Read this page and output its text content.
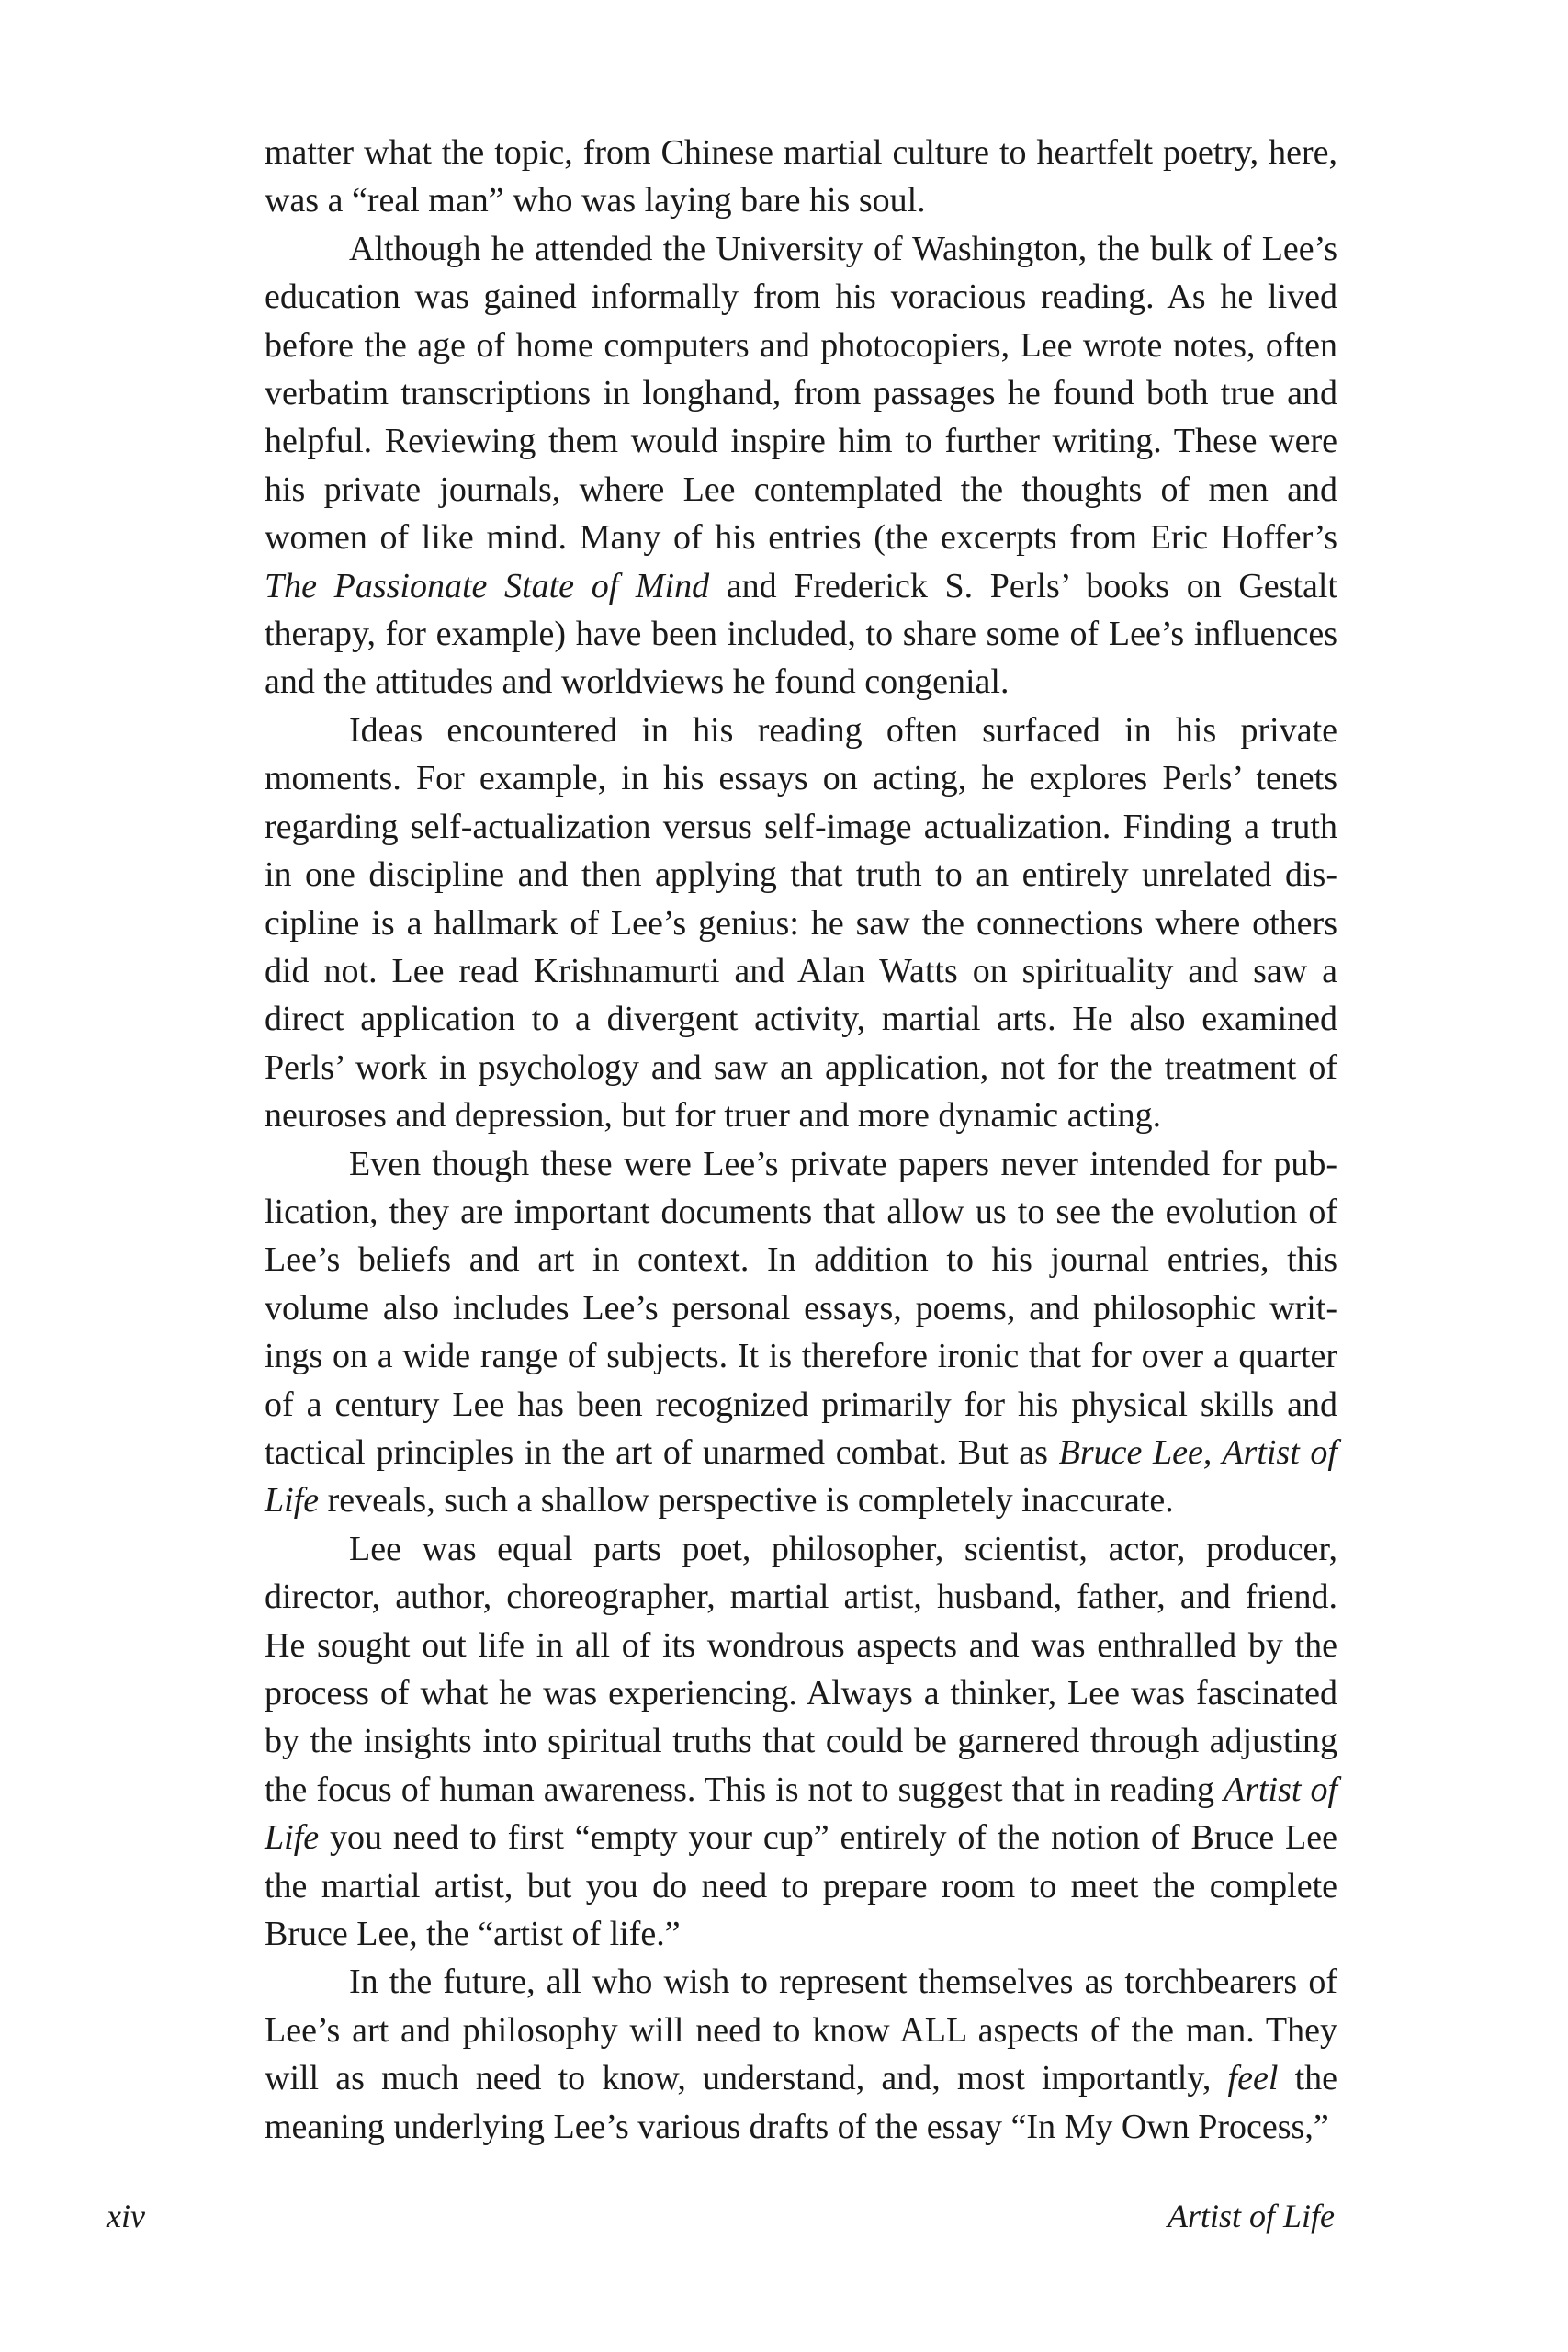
matter what the topic, from Chinese martial culture to heartfelt poetry, here, was a “real man” who was laying bare his soul.

Although he attended the University of Washington, the bulk of Lee’s education was gained informally from his voracious reading. As he lived before the age of home computers and photocopiers, Lee wrote notes, often verbatim transcriptions in longhand, from passages he found both true and helpful. Reviewing them would inspire him to further writing. These were his private journals, where Lee contemplated the thoughts of men and women of like mind. Many of his entries (the excerpts from Eric Hoffer’s The Passionate State of Mind and Frederick S. Perls’ books on Gestalt therapy, for example) have been included, to share some of Lee’s influences and the attitudes and worldviews he found congenial.

Ideas encountered in his reading often surfaced in his private moments. For example, in his essays on acting, he explores Perls’ tenets regarding self-actualization versus self-image actualization. Finding a truth in one discipline and then applying that truth to an entirely unrelated discipline is a hallmark of Lee’s genius: he saw the connections where others did not. Lee read Krishnamurti and Alan Watts on spirituality and saw a direct application to a divergent activity, martial arts. He also examined Perls’ work in psychology and saw an application, not for the treatment of neuroses and depression, but for truer and more dynamic acting.

Even though these were Lee’s private papers never intended for publication, they are important documents that allow us to see the evolution of Lee’s beliefs and art in context. In addition to his journal entries, this volume also includes Lee’s personal essays, poems, and philosophic writings on a wide range of subjects. It is therefore ironic that for over a quarter of a century Lee has been recognized primarily for his physical skills and tactical principles in the art of unarmed combat. But as Bruce Lee, Artist of Life reveals, such a shallow perspective is completely inaccurate.

Lee was equal parts poet, philosopher, scientist, actor, producer, director, author, choreographer, martial artist, husband, father, and friend. He sought out life in all of its wondrous aspects and was enthralled by the process of what he was experiencing. Always a thinker, Lee was fascinated by the insights into spiritual truths that could be garnered through adjusting the focus of human awareness. This is not to suggest that in reading Artist of Life you need to first “empty your cup” entirely of the notion of Bruce Lee the martial artist, but you do need to prepare room to meet the complete Bruce Lee, the “artist of life.”

In the future, all who wish to represent themselves as torchbearers of Lee’s art and philosophy will need to know ALL aspects of the man. They will as much need to know, understand, and, most importantly, feel the meaning underlying Lee’s various drafts of the essay “In My Own Process,”

xiv	Artist of Life
